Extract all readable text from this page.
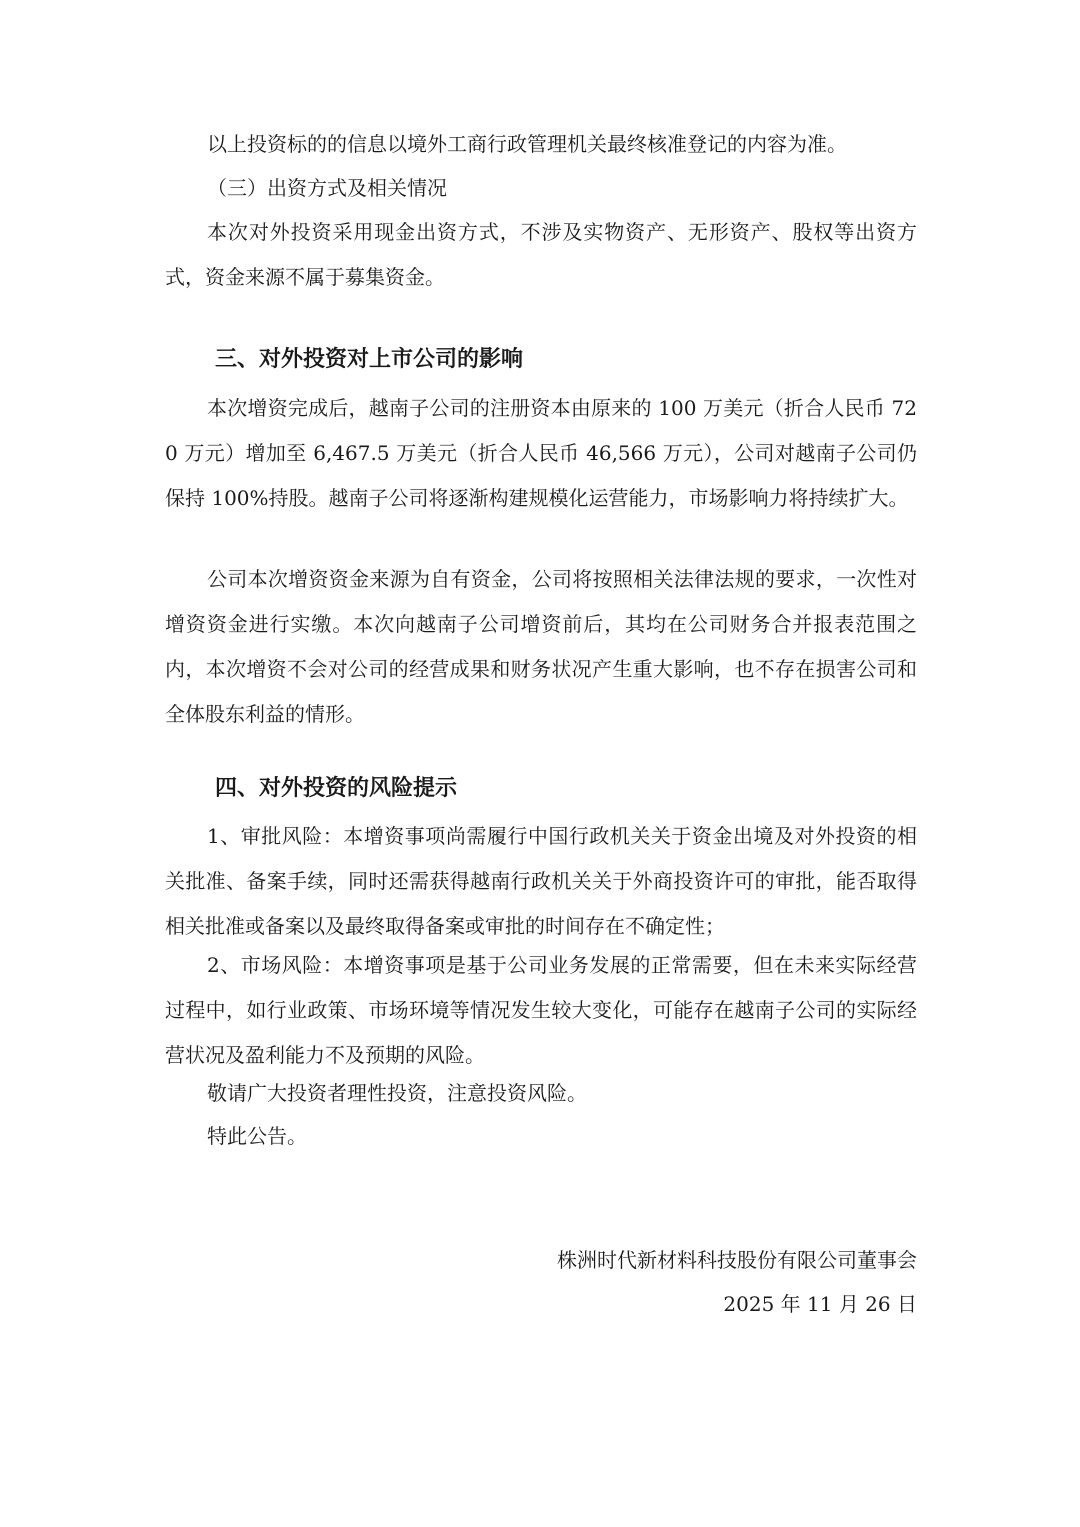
以上投资标的的信息以境外工商行政管理机关最终核准登记的内容为准。

（三）出资方式及相关情况

本次对外投资采用现金出资方式，不涉及实物资产、无形资产、股权等出资方式，资金来源不属于募集资金。

三、对外投资对上市公司的影响

本次增资完成后，越南子公司的注册资本由原来的 100 万美元（折合人民币 720 万元）增加至 6,467.5 万美元（折合人民币 46,566 万元），公司对越南子公司仍保持 100%持股。越南子公司将逐渐构建规模化运营能力，市场影响力将持续扩大。

公司本次增资资金来源为自有资金，公司将按照相关法律法规的要求，一次性对增资资金进行实缴。本次向越南子公司增资前后，其均在公司财务合并报表范围之内，本次增资不会对公司的经营成果和财务状况产生重大影响，也不存在损害公司和全体股东利益的情形。

四、对外投资的风险提示

1、审批风险：本增资事项尚需履行中国行政机关关于资金出境及对外投资的相关批准、备案手续，同时还需获得越南行政机关关于外商投资许可的审批，能否取得相关批准或备案以及最终取得备案或审批的时间存在不确定性；

2、市场风险：本增资事项是基于公司业务发展的正常需要，但在未来实际经营过程中，如行业政策、市场环境等情况发生较大变化，可能存在越南子公司的实际经营状况及盈利能力不及预期的风险。

敬请广大投资者理性投资，注意投资风险。

特此公告。

株洲时代新材料科技股份有限公司董事会

2025 年 11 月 26 日
